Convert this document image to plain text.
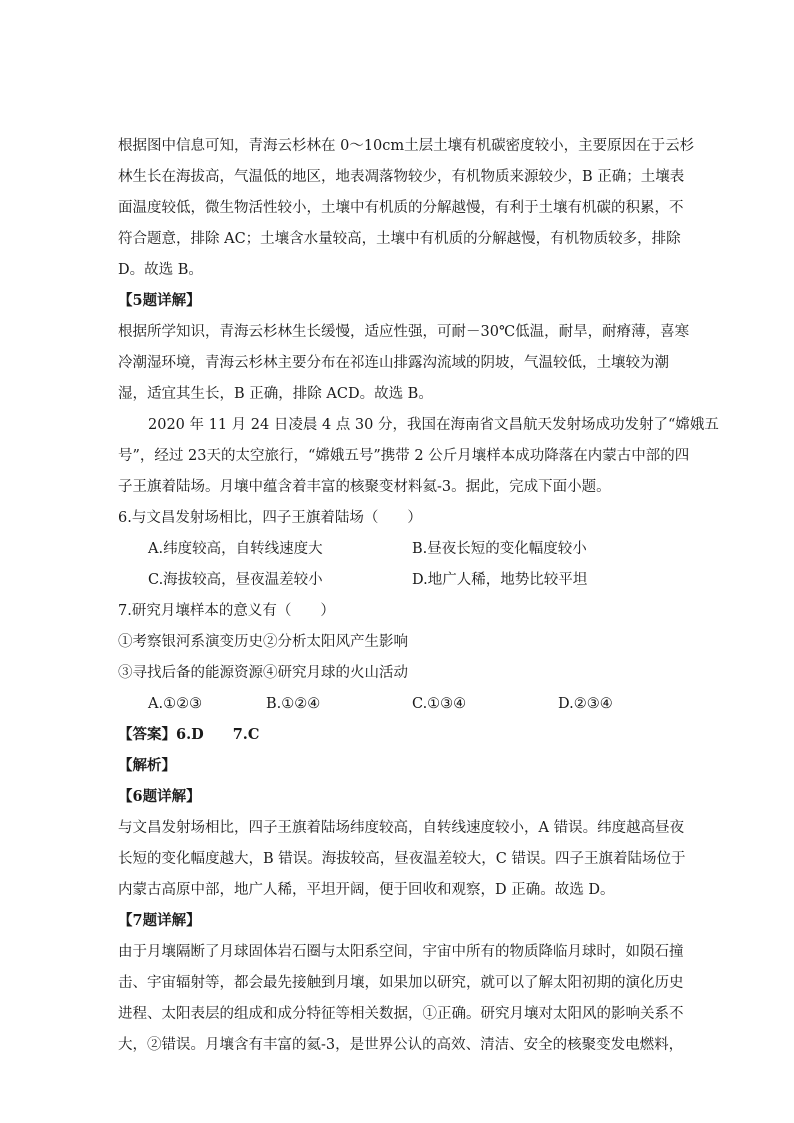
根据图中信息可知，青海云杉林在 0～10cm土层土壤有机碳密度较小，主要原因在于云杉
林生长在海拔高，气温低的地区，地表凋落物较少，有机物质来源较少，B 正确；土壤表
面温度较低，微生物活性较小，土壤中有机质的分解越慢，有利于土壤有机碳的积累，不
符合题意，排除 AC；土壤含水量较高，土壤中有机质的分解越慢，有机物质较多，排除
D。故选 B。
【5题详解】
根据所学知识，青海云杉林生长缓慢，适应性强，可耐－30℃低温，耐旱，耐瘠薄，喜寒
冷潮湿环境，青海云杉林主要分布在祁连山排露沟流域的阴坡，气温较低，土壤较为潮
湿，适宜其生长，B 正确，排除 ACD。故选 B。
2020 年 11 月 24 日凌晨 4 点 30 分，我国在海南省文昌航天发射场成功发射了“嫦娥五
号”，经过 23天的太空旅行，“嫦娥五号”携带 2 公斤月壤样本成功降落在内蒙古中部的四
子王旗着陆场。月壤中蕴含着丰富的核聚变材料氦-3。据此，完成下面小题。
6.与文昌发射场相比，四子王旗着陆场（　　）
A.纬度较高，自转线速度大	B.昼夜长短的变化幅度较小
C.海拔较高，昼夜温差较小	D.地广人稀，地势比较平坦
7.研究月壤样本的意义有（　　）
①考察银河系演变历史②分析太阳风产生影响
③寻找后备的能源资源④研究月球的火山活动
A.①②③	B.①②④	C.①③④	D.②③④
【答案】6.D　　7.C
【解析】
【6题详解】
与文昌发射场相比，四子王旗着陆场纬度较高，自转线速度较小，A 错误。纬度越高昼夜
长短的变化幅度越大，B 错误。海拔较高，昼夜温差较大，C 错误。四子王旗着陆场位于
内蒙古高原中部，地广人稀，平坦开阔，便于回收和观察，D 正确。故选 D。
【7题详解】
由于月壤隔断了月球固体岩石圈与太阳系空间，宇宙中所有的物质降临月球时，如陨石撞
击、宇宙辐射等，都会最先接触到月壤，如果加以研究，就可以了解太阳初期的演化历史
进程、太阳表层的组成和成分特征等相关数据，①正确。研究月壤对太阳风的影响关系不
大，②错误。月壤含有丰富的氦-3，是世界公认的高效、清洁、安全的核聚变发电燃料，
